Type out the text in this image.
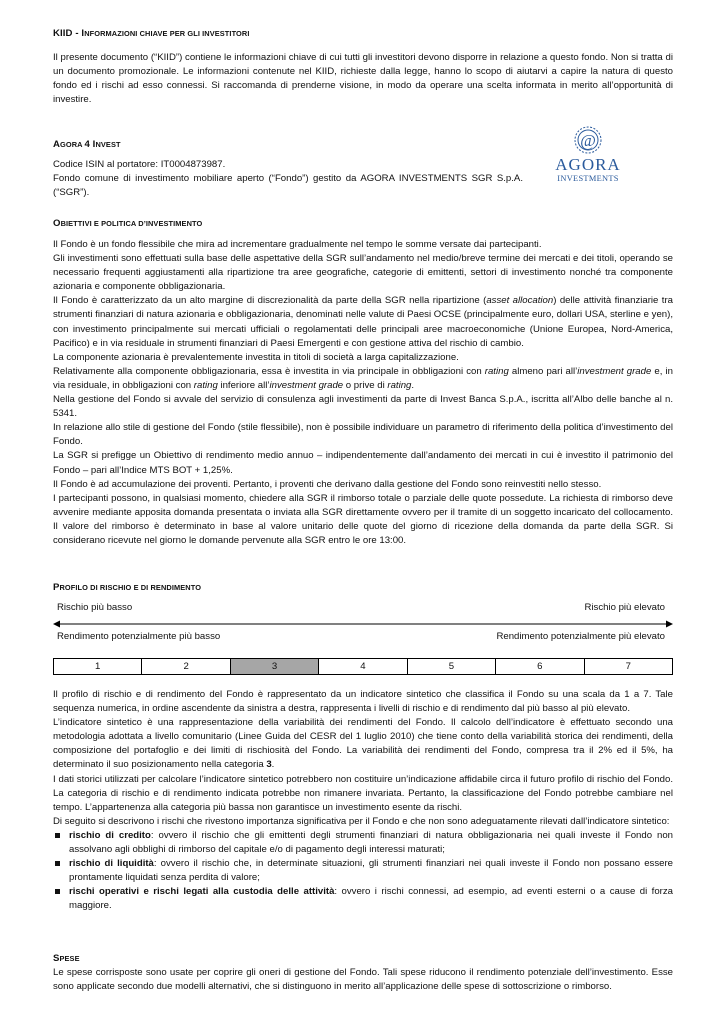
KIID - INFORMAZIONI CHIAVE PER GLI INVESTITORI

Il presente documento (“KIID”) contiene le informazioni chiave di cui tutti gli investitori devono disporre in relazione a questo fondo. Non si tratta di un documento promozionale. Le informazioni contenute nel KIID, richieste dalla legge, hanno lo scopo di aiutarvi a capire la natura di questo fondo ed i rischi ad esso connessi. Si raccomanda di prenderne visione, in modo da operare una scelta informata in merito all’opportunità di investire.

AGORA 4 INVEST
Codice ISIN al portatore: IT0004873987.
Fondo comune di investimento mobiliare aperto (“Fondo”) gestito da AGORA INVESTMENTS SGR S.p.A. (“SGR”).
@
AGORA
INVESTMENTS
OBIETTIVI E POLITICA D’INVESTIMENTO

Il Fondo è un fondo flessibile che mira ad incrementare gradualmente nel tempo le somme versate dai partecipanti.

Gli investimenti sono effettuati sulla base delle aspettative della SGR sull’andamento nel medio/breve termine dei mercati e dei titoli, operando se necessario frequenti aggiustamenti alla ripartizione tra aree geografiche, categorie di emittenti, settori di investimento nonché tra componente azionaria e componente obbligazionaria.

Il Fondo è caratterizzato da un alto margine di discrezionalità da parte della SGR nella ripartizione (asset allocation) delle attività finanziarie tra strumenti finanziari di natura azionaria e obbligazionaria, denominati nelle valute di Paesi OCSE (principalmente euro, dollari USA, sterline e yen), con investimento principalmente sui mercati ufficiali o regolamentati delle principali aree macroeconomiche (Unione Europea, Nord-America, Pacifico) e in via residuale in strumenti finanziari di Paesi Emergenti e con gestione attiva del rischio di cambio.

La componente azionaria è prevalentemente investita in titoli di società a larga capitalizzazione.

Relativamente alla componente obbligazionaria, essa è investita in via principale in obbligazioni con rating almeno pari all’investment grade e, in via residuale, in obbligazioni con rating inferiore all’investment grade o prive di rating.

Nella gestione del Fondo si avvale del servizio di consulenza agli investimenti da parte di Invest Banca S.p.A., iscritta all’Albo delle banche al n. 5341.

In relazione allo stile di gestione del Fondo (stile flessibile), non è possibile individuare un parametro di riferimento della politica d’investimento del Fondo.

La SGR si prefigge un Obiettivo di rendimento medio annuo – indipendentemente dall’andamento dei mercati in cui è investito il patrimonio del Fondo – pari all’Indice MTS BOT + 1,25%.

Il Fondo è ad accumulazione dei proventi. Pertanto, i proventi che derivano dalla gestione del Fondo sono reinvestiti nello stesso.

I partecipanti possono, in qualsiasi momento, chiedere alla SGR il rimborso totale o parziale delle quote possedute. La richiesta di rimborso deve avvenire mediante apposita domanda presentata o inviata alla SGR direttamente ovvero per il tramite di un soggetto incaricato del collocamento. Il valore del rimborso è determinato in base al valore unitario delle quote del giorno di ricezione della domanda da parte della SGR. Si considerano ricevute nel giorno le domande pervenute alla SGR entro le ore 13:00.

PROFILO DI RISCHIO E DI RENDIMENTO
Rischio più basso	Rischio più elevato
Rendimento potenzialmente più basso	Rendimento potenzialmente più elevato
1	2	3	4	5	6	7

Il profilo di rischio e di rendimento del Fondo è rappresentato da un indicatore sintetico che classifica il Fondo su una scala da 1 a 7. Tale sequenza numerica, in ordine ascendente da sinistra a destra, rappresenta i livelli di rischio e di rendimento dal più basso al più elevato.

L’indicatore sintetico è una rappresentazione della variabilità dei rendimenti del Fondo. Il calcolo dell’indicatore è effettuato secondo una metodologia adottata a livello comunitario (Linee Guida del CESR del 1 luglio 2010) che tiene conto della variabilità storica dei rendimenti, della composizione del portafoglio e dei limiti di rischiosità del Fondo. La variabilità dei rendimenti del Fondo, compresa tra il 2% ed il 5%, ha determinato il suo posizionamento nella categoria 3.

I dati storici utilizzati per calcolare l’indicatore sintetico potrebbero non costituire un’indicazione affidabile circa il futuro profilo di rischio del Fondo. La categoria di rischio e di rendimento indicata potrebbe non rimanere invariata. Pertanto, la classificazione del Fondo potrebbe cambiare nel tempo. L’appartenenza alla categoria più bassa non garantisce un investimento esente da rischi.

Di seguito si descrivono i rischi che rivestono importanza significativa per il Fondo e che non sono adeguatamente rilevati dall’indicatore sintetico:

rischio di credito: ovvero il rischio che gli emittenti degli strumenti finanziari di natura obbligazionaria nei quali investe il Fondo non assolvano agli obblighi di rimborso del capitale e/o di pagamento degli interessi maturati;
rischio di liquidità: ovvero il rischio che, in determinate situazioni, gli strumenti finanziari nei quali investe il Fondo non possano essere prontamente liquidati senza perdita di valore;
rischi operativi e rischi legati alla custodia delle attività: ovvero i rischi connessi, ad esempio, ad eventi esterni o a cause di forza maggiore.
SPESE

Le spese corrisposte sono usate per coprire gli oneri di gestione del Fondo. Tali spese riducono il rendimento potenziale dell’investimento. Esse sono applicate secondo due modelli alternativi, che si distinguono in merito all’applicazione delle spese di sottoscrizione o rimborso.
